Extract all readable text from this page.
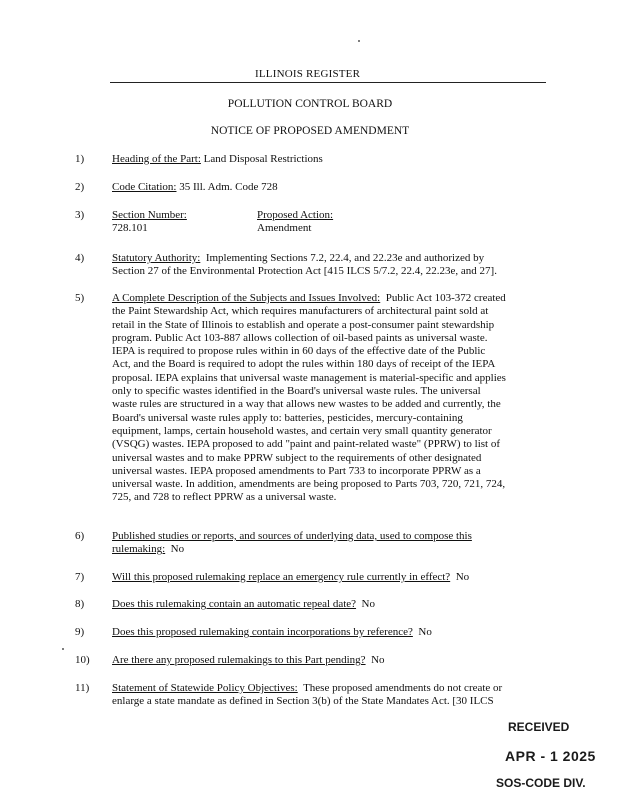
ILLINOIS REGISTER
POLLUTION CONTROL BOARD
NOTICE OF PROPOSED AMENDMENT
1)	Heading of the Part: Land Disposal Restrictions
2)	Code Citation: 35 Ill. Adm. Code 728
3)	Section Number:
728.101
Proposed Action:
Amendment
4)	Statutory Authority: Implementing Sections 7.2, 22.4, and 22.23e and authorized by

Section 27 of the Environmental Protection Act [415 ILCS 5/7.2, 22.4, 22.23e, and 27].

5)	A Complete Description of the Subjects and Issues Involved: Public Act 103-372 created

the Paint Stewardship Act, which requires manufacturers of architectural paint sold at

retail in the State of Illinois to establish and operate a post-consumer paint stewardship

program. Public Act 103-887 allows collection of oil-based paints as universal waste.

IEPA is required to propose rules within in 60 days of the effective date of the Public

Act, and the Board is required to adopt the rules within 180 days of receipt of the IEPA

proposal. IEPA explains that universal waste management is material-specific and applies

only to specific wastes identified in the Board's universal waste rules. The universal

waste rules are structured in a way that allows new wastes to be added and currently, the

Board's universal waste rules apply to: batteries, pesticides, mercury-containing

equipment, lamps, certain household wastes, and certain very small quantity generator

(VSQG) wastes. IEPA proposed to add "paint and paint-related waste" (PPRW) to list of

universal wastes and to make PPRW subject to the requirements of other designated

universal wastes. IEPA proposed amendments to Part 733 to incorporate PPRW as a

universal waste. In addition, amendments are being proposed to Parts 703, 720, 721, 724,

725, and 728 to reflect PPRW as a universal waste.

6)	Published studies or reports, and sources of underlying data, used to compose this

rulemaking: No

7)	Will this proposed rulemaking replace an emergency rule currently in effect? No
8)	Does this rulemaking contain an automatic repeal date? No
9)	Does this proposed rulemaking contain incorporations by reference? No
10)	Are there any proposed rulemakings to this Part pending? No
11)	Statement of Statewide Policy Objectives: These proposed amendments do not create or

enlarge a state mandate as defined in Section 3(b) of the State Mandates Act. [30 ILCS

RECEIVED
APR - 1 2025
SOS-CODE DIV.
